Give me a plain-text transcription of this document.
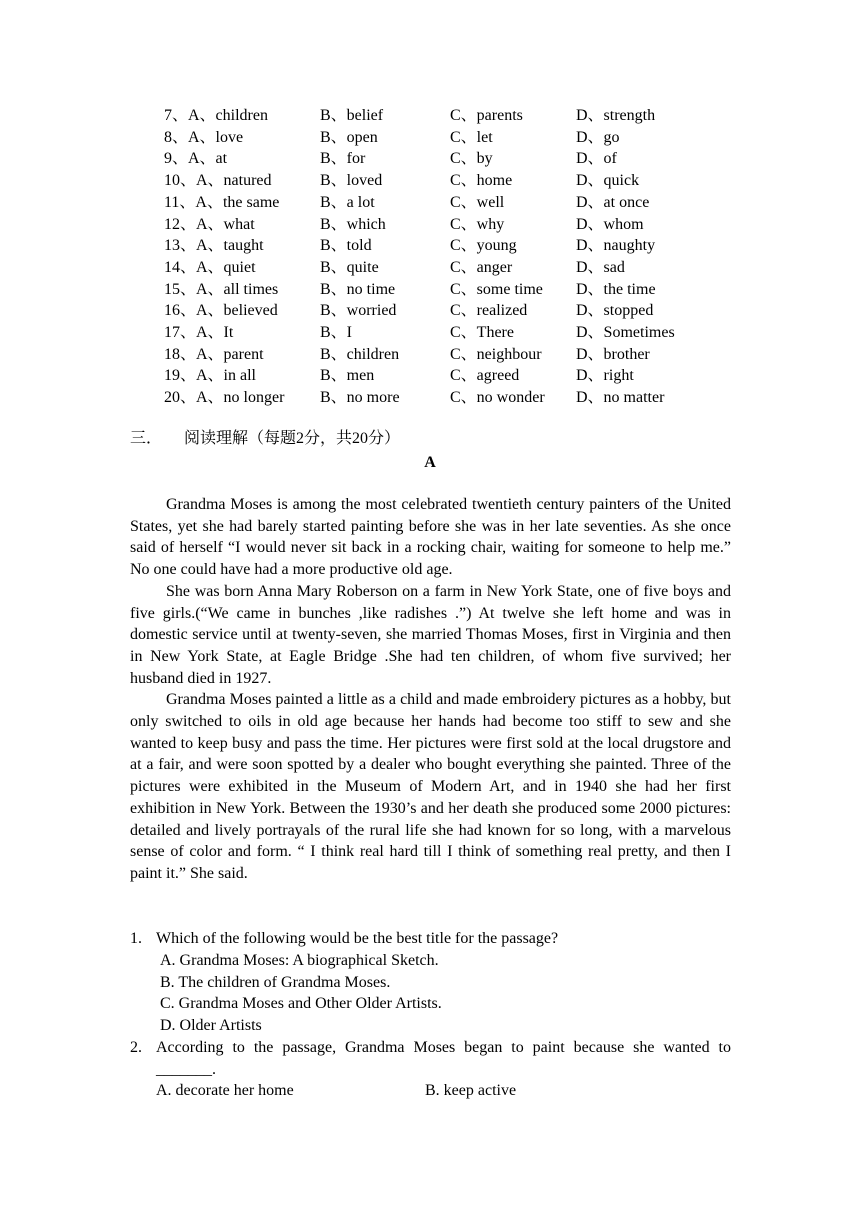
7、A、children	B、belief	C、parents	D、strength
8、A、love	B、open	C、let	D、go
9、A、at	B、for	C、by	D、of
10、A、natured	B、loved	C、home	D、quick
11、A、the same	B、a lot	C、well	D、at once
12、A、what	B、which	C、why	D、whom
13、A、taught	B、told	C、young	D、naughty
14、A、quiet	B、quite	C、anger	D、sad
15、A、all times	B、no time	C、some time D、the time
16、A、believed	B、worried	C、realized	D、stopped
17、A、It	B、I	C、There	D、Sometimes
18、A、parent	B、children	C、neighbour D、brother
19、A、in all	B、men	C、agreed	D、right
20、A、no longer B、no more	C、no wonder D、no matter
三． 阅读理解（每题2分，共20分）
A

Grandma Moses is among the most celebrated twentieth century painters of the United States, yet she had barely started painting before she was in her late seventies. As she once said of herself “I would never sit back in a rocking chair, waiting for someone to help me.” No one could have had a more productive old age.

She was born Anna Mary Roberson on a farm in New York State, one of five boys and five girls.(“We came in bunches ,like radishes .”) At twelve she left home and was in domestic service until at twenty-seven, she married Thomas Moses, first in Virginia and then in New York State, at Eagle Bridge .She had ten children, of whom five survived; her husband died in 1927.

Grandma Moses painted a little as a child and made embroidery pictures as a hobby, but only switched to oils in old age because her hands had become too stiff to sew and she wanted to keep busy and pass the time. Her pictures were first sold at the local drugstore and at a fair, and were soon spotted by a dealer who bought everything she painted. Three of the pictures were exhibited in the Museum of Modern Art, and in 1940 she had her first exhibition in New York. Between the 1930’s and her death she produced some 2000 pictures: detailed and lively portrayals of the rural life she had known for so long, with a marvelous sense of color and form. “ I think real hard till I think of something real pretty, and then I paint it.” She said.

1. Which of the following would be the best title for the passage?
A. Grandma Moses: A biographical Sketch.
B. The children of Grandma Moses.
C. Grandma Moses and Other Older Artists.
D. Older Artists
2. According to the passage, Grandma Moses began to paint because she wanted to _______.
A. decorate her home	B. keep active
